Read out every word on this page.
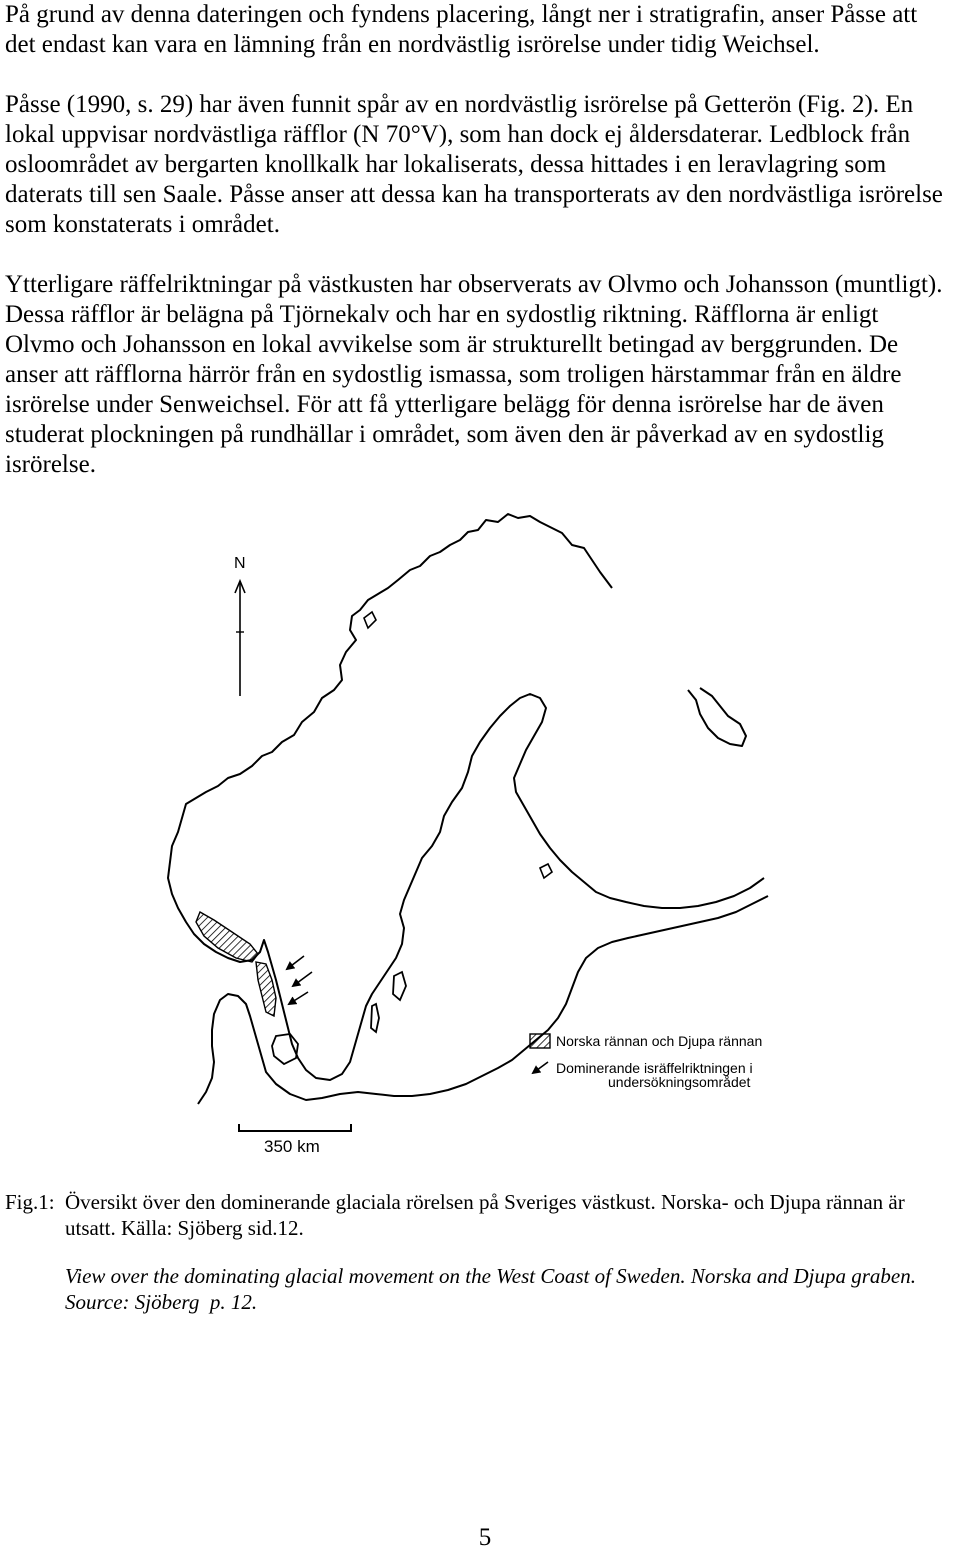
På grund av denna dateringen och fyndens placering, långt ner i stratigrafin, anser Påsse att
det endast kan vara en lämning från en nordvästlig isrörelse under tidig Weichsel.

Påsse (1990, s. 29) har även funnit spår av en nordvästlig isrörelse på Getterön (Fig. 2). En
lokal uppvisar nordvästliga räfflor (N 70°V), som han dock ej åldersdaterar. Ledblock från
osloområdet av bergarten knollkalk har lokaliserats, dessa hittades i en leravlagring som
daterats till sen Saale. Påsse anser att dessa kan ha transporterats av den nordvästliga isrörelse
som konstaterats i området.

Ytterligare räffelriktningar på västkusten har observerats av Olvmo och Johansson (muntligt).
Dessa räfflor är belägna på Tjörnekalv och har en sydostlig riktning. Räfflorna är enligt
Olvmo och Johansson en lokal avvikelse som är strukturellt betingad av berggrunden. De
anser att räfflorna härrör från en sydostlig ismassa, som troligen härstammar från en äldre
isrörelse under Senweichsel. För att få ytterligare belägg för denna isrörelse har de även
studerat plockningen på rundhällar i området, som även den är påverkad av en sydostlig
isrörelse.

N
Norska rännan och Djupa rännan
Dominerande isräffelriktningen i
undersökningsområdet
350 km
Fig.1: Översikt över den dominerande glaciala rörelsen på Sveriges västkust. Norska- och Djupa rännan är
utsatt. Källa: Sjöberg sid.12.
View over the dominating glacial movement on the West Coast of Sweden. Norska and Djupa graben.
Source: Sjöberg  p. 12.
5
